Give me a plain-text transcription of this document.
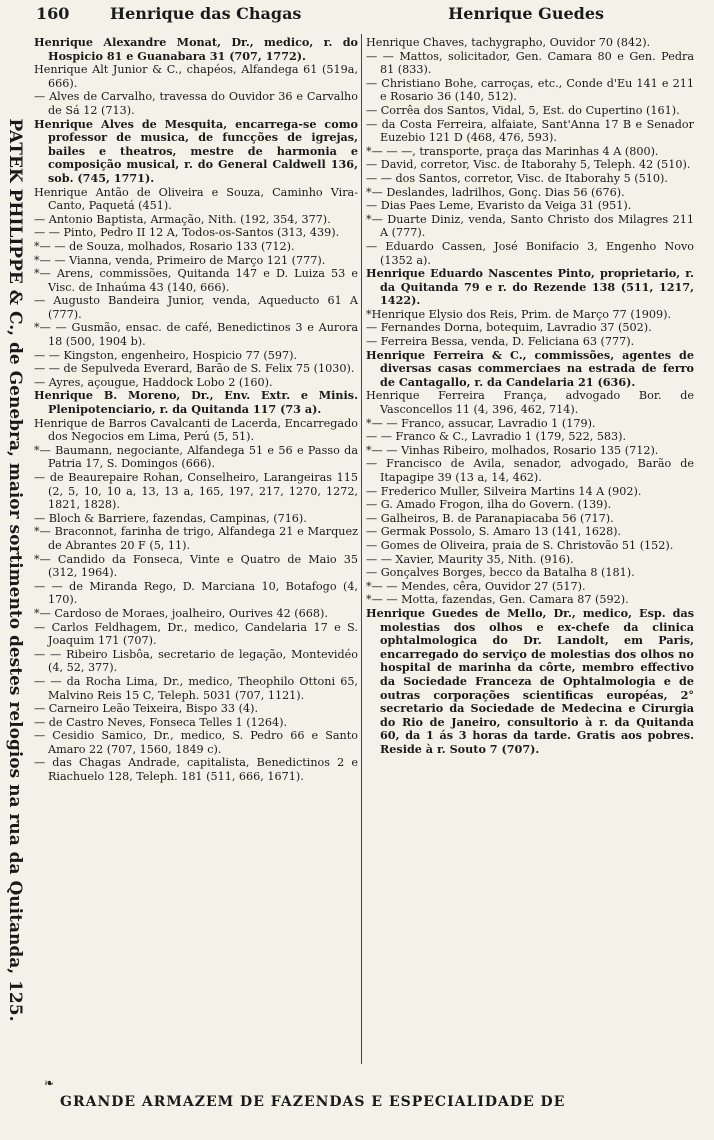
160	Henrique das Chagas	Henrique Guedes
PATEK PHILIPPE & C., de Genebra, maior sortimento destes relogios na rua da Quitanda, 125.
Henrique Alexandre Monat, Dr., medico, r. do Hospicio 81 e Guanabara 31 (707, 1772).
Henrique Alt Junior & C., chapéos, Alfandega 61 (519a, 666).
— Alves de Carvalho, travessa do Ouvidor 36 e Carvalho de Sá 12 (713).
Henrique Alves de Mesquita, encarrega-se como professor de musica, de funcções de igrejas, bailes e theatros, mestre de harmonia e composição musical, r. do General Caldwell 136, sob. (745, 1771).
Henrique Antão de Oliveira e Souza, Caminho Vira-Canto, Paquetá (451).
— Antonio Baptista, Armação, Nith. (192, 354, 377).
— — Pinto, Pedro II 12 A, Todos-os-Santos (313, 439).
*— — de Souza, molhados, Rosario 133 (712).
*— — Vianna, venda, Primeiro de Março 121 (777).
*— Arens, commissões, Quitanda 147 e D. Luiza 53 e Visc. de Inhaúma 43 (140, 666).
— Augusto Bandeira Junior, venda, Aqueducto 61 A (777).
*— — Gusmão, ensac. de café, Benedictinos 3 e Aurora 18 (500, 1904 b).
— — Kingston, engenheiro, Hospicio 77 (597).
— — de Sepulveda Everard, Barão de S. Felix 75 (1030).
— Ayres, açougue, Haddock Lobo 2 (160).
Henrique B. Moreno, Dr., Env. Extr. e Minis. Plenipotenciario, r. da Quitanda 117 (73 a).
Henrique de Barros Cavalcanti de Lacerda, Encarregado dos Negocios em Lima, Perú (5, 51).
*— Baumann, negociante, Alfandega 51 e 56 e Passo da Patria 17, S. Domingos (666).
— de Beaurepaire Rohan, Conselheiro, Larangeiras 115 (2, 5, 10, 10 a, 13, 13 a, 165, 197, 217, 1270, 1272, 1821, 1828).
— Bloch & Barriere, fazendas, Campinas, (716).
*— Braconnot, farinha de trigo, Alfandega 21 e Marquez de Abrantes 20 F (5, 11).
*— Candido da Fonseca, Vinte e Quatro de Maio 35 (312, 1964).
— — de Miranda Rego, D. Marciana 10, Botafogo (4, 170).
*— Cardoso de Moraes, joalheiro, Ourives 42 (668).
— Carlos Feldhagem, Dr., medico, Candelaria 17 e S. Joaquim 171 (707).
— — Ribeiro Lisbôa, secretario de legação, Montevidéo (4, 52, 377).
— — da Rocha Lima, Dr., medico, Theophilo Ottoni 65, Malvino Reis 15 C, Teleph. 5031 (707, 1121).
— Carneiro Leão Teixeira, Bispo 33 (4).
— de Castro Neves, Fonseca Telles 1 (1264).
— Cesidio Samico, Dr., medico, S. Pedro 66 e Santo Amaro 22 (707, 1560, 1849 c).
— das Chagas Andrade, capitalista, Benedictinos 2 e Riachuelo 128, Teleph. 181 (511, 666, 1671).
Henrique Chaves, tachygrapho, Ouvidor 70 (842).
— — Mattos, solicitador, Gen. Camara 80 e Gen. Pedra 81 (833).
— Christiano Bohe, carroças, etc., Conde d'Eu 141 e 211 e Rosario 36 (140, 512).
— Corrêa dos Santos, Vidal, 5, Est. do Cupertino (161).
— da Costa Ferreira, alfaiate, Sant'Anna 17 B e Senador Euzebio 121 D (468, 476, 593).
*— — —, transporte, praça das Marinhas 4 A (800).
— David, corretor, Visc. de Itaborahy 5, Teleph. 42 (510).
— — dos Santos, corretor, Visc. de Itaborahy 5 (510).
*— Deslandes, ladrilhos, Gonç. Dias 56 (676).
— Dias Paes Leme, Evaristo da Veiga 31 (951).
*— Duarte Diniz, venda, Santo Christo dos Milagres 211 A (777).
— Eduardo Cassen, José Bonifacio 3, Engenho Novo (1352 a).
Henrique Eduardo Nascentes Pinto, proprietario, r. da Quitanda 79 e r. do Rezende 138 (511, 1217, 1422).
*Henrique Elysio dos Reis, Prim. de Março 77 (1909).
— Fernandes Dorna, botequim, Lavradio 37 (502).
— Ferreira Bessa, venda, D. Feliciana 63 (777).
Henrique Ferreira & C., commissões, agentes de diversas casas commerciaes na estrada de ferro de Cantagallo, r. da Candelaria 21 (636).
Henrique Ferreira França, advogado Bor. de Vasconcellos 11 (4, 396, 462, 714).
*— — Franco, assucar, Lavradio 1 (179).
— — Franco & C., Lavradio 1 (179, 522, 583).
*— — Vinhas Ribeiro, molhados, Rosario 135 (712).
— Francisco de Avila, senador, advogado, Barão de Itapagipe 39 (13 a, 14, 462).
— Frederico Muller, Silveira Martins 14 A (902).
— G. Amado Frogon, ilha do Govern. (139).
— Galheiros, B. de Paranapiacaba 56 (717).
— Germak Possolo, S. Amaro 13 (141, 1628).
— Gomes de Oliveira, praia de S. Christovão 51 (152).
— — Xavier, Maurity 35, Nith. (916).
— Gonçalves Borges, becco da Batalha 8 (181).
*— — Mendes, cêra, Ouvidor 27 (517).
*— — Motta, fazendas, Gen. Camara 87 (592).
Henrique Guedes de Mello, Dr., medico, Esp. das molestias dos olhos e ex-chefe da clinica ophtalmologica do Dr. Landolt, em Paris, encarregado do serviço de molestias dos olhos no hospital de marinha da côrte, membro effectivo da Sociedade Franceza de Ophtalmologia e de outras corporações scientificas européas, 2° secretario da Sociedade de Medecina e Cirurgia do Rio de Janeiro, consultorio à r. da Quitanda 60, da 1 ás 3 horas da tarde. Gratis aos pobres. Reside à r. Souto 7 (707).
❧
GRANDE ARMAZEM DE FAZENDAS E ESPECIALIDADE DE
